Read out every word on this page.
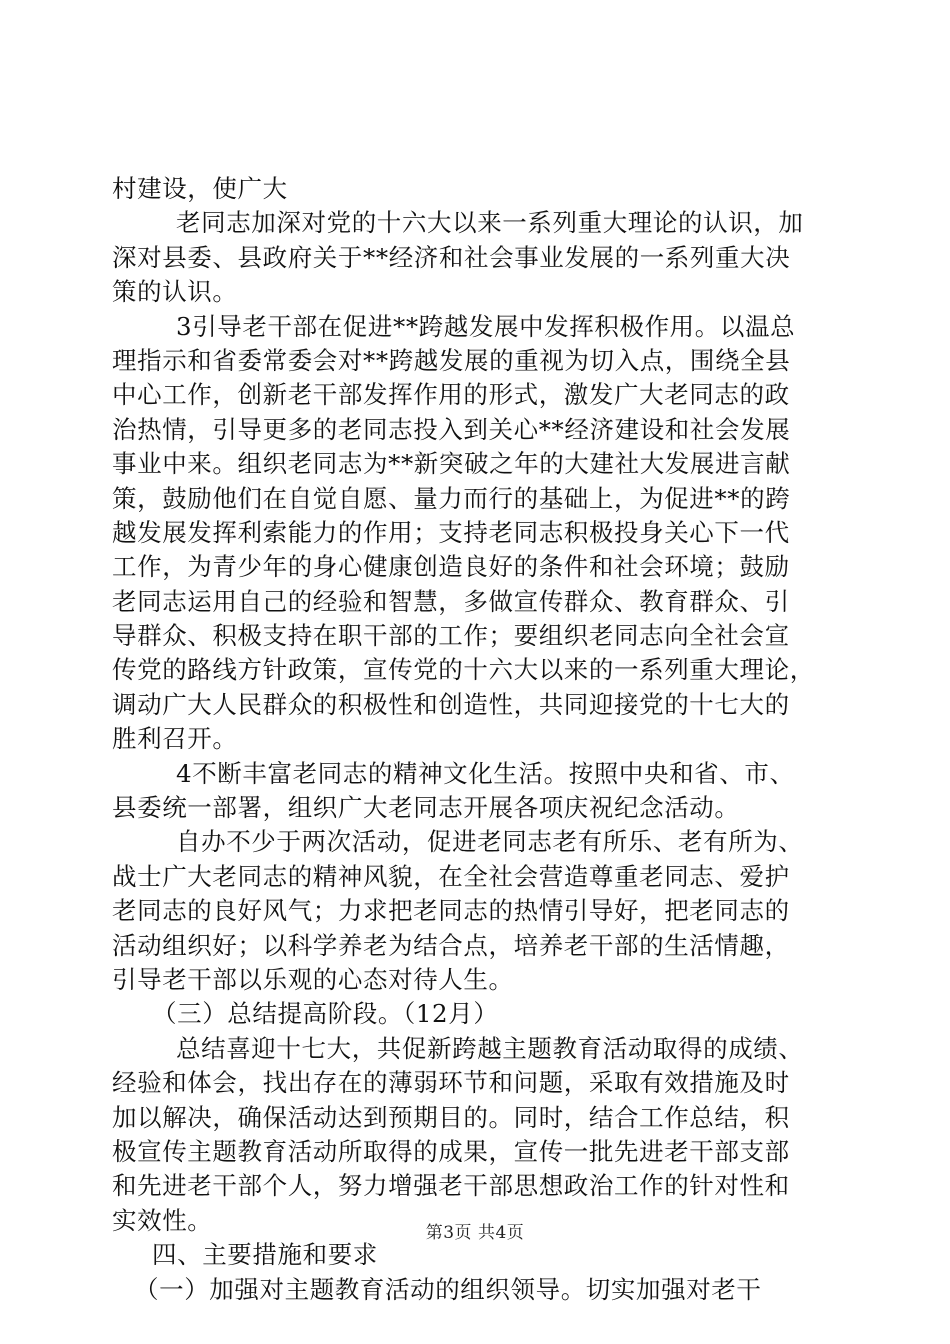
村建设，使广大
老同志加深对党的十六大以来一系列重大理论的认识，加
深对县委、县政府关于**经济和社会事业发展的一系列重大决
策的认识。
3引导老干部在促进**跨越发展中发挥积极作用。以温总
理指示和省委常委会对**跨越发展的重视为切入点，围绕全县
中心工作，创新老干部发挥作用的形式，激发广大老同志的政
治热情，引导更多的老同志投入到关心**经济建设和社会发展
事业中来。组织老同志为**新突破之年的大建社大发展进言献
策，鼓励他们在自觉自愿、量力而行的基础上，为促进**的跨
越发展发挥利索能力的作用；支持老同志积极投身关心下一代
工作，为青少年的身心健康创造良好的条件和社会环境；鼓励
老同志运用自己的经验和智慧，多做宣传群众、教育群众、引
导群众、积极支持在职干部的工作；要组织老同志向全社会宣
传党的路线方针政策，宣传党的十六大以来的一系列重大理论，
调动广大人民群众的积极性和创造性，共同迎接党的十七大的
胜利召开。
4不断丰富老同志的精神文化生活。按照中央和省、市、
县委统一部署，组织广大老同志开展各项庆祝纪念活动。
自办不少于两次活动，促进老同志老有所乐、老有所为、
战士广大老同志的精神风貌，在全社会营造尊重老同志、爱护
老同志的良好风气；力求把老同志的热情引导好，把老同志的
活动组织好；以科学养老为结合点，培养老干部的生活情趣，
引导老干部以乐观的心态对待人生。
（三）总结提高阶段。（12月）
总结喜迎十七大，共促新跨越主题教育活动取得的成绩、
经验和体会，找出存在的薄弱环节和问题，采取有效措施及时
加以解决，确保活动达到预期目的。同时，结合工作总结，积
极宣传主题教育活动所取得的成果，宣传一批先进老干部支部
和先进老干部个人，努力增强老干部思想政治工作的针对性和
实效性。
四、主要措施和要求
（一）加强对主题教育活动的组织领导。切实加强对老干
第3页 共4页
